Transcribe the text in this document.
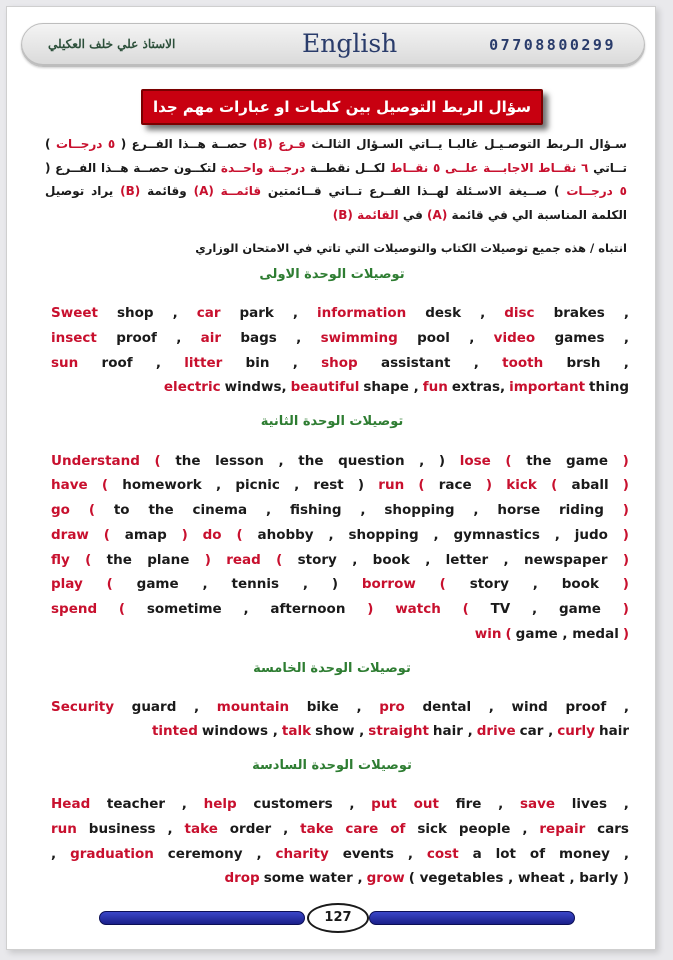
الاستاذ علي خلف العكيلي	English	07708800299
سؤال الربط التوصيل بين كلمات او عبارات مهم جدا
سـؤال الـربط التوصـيـل غالبـا يــاتي السـؤال الثالـث فـرع (B) حصــة هــذا الفــرع ( ٥ درجــات ) تــاتي ٦ نقــاط الاجابـــة علــى ٥ نقــاط لكــل نقطــة درجــة واحــدة لتكــون حصــة هــذا الفــرع ( ٥ درجــات ) صــيغة الاسـئلة لهــذا الفــرع تــاتي قــائمتين قائمــة (A) وقائمة (B) يراد توصيل الكلمة المناسبة الي في قائمة (A) في القائمة (B)
انتباه / هذه جميع توصيلات الكتاب والتوصيلات التي تاتي في الامتحان الوزاري
توصيلات الوحدة الاولى
Sweet shop , car park , information desk , disc brakes ,
insect proof , air bags , swimming pool , video games ,
sun roof , litter bin , shop assistant , tooth brsh ,
electric windws, beautiful shape , fun extras, important thing
توصيلات الوحدة الثانية
Understand ( the lesson , the question , ) lose ( the game )
have ( homework , picnic , rest ) run ( race ) kick ( aball )
go ( to the cinema , fishing , shopping , horse riding )
draw ( amap ) do ( ahobby , shopping , gymnastics , judo )
fly ( the plane ) read ( story , book , letter , newspaper )
play ( game , tennis , ) borrow ( story , book )
spend ( sometime , afternoon ) watch ( TV , game )
win ( game , medal )
توصيلات الوحدة الخامسة
Security guard , mountain bike , pro dental , wind proof ,
tinted windows , talk show , straight hair , drive car , curly hair
توصيلات الوحدة السادسة
Head teacher , help customers , put out fire , save lives ,
run business , take order , take care of sick people , repair cars
, graduation ceremony , charity events , cost a lot of money ,
drop some water , grow ( vegetables , wheat , barly )
127
